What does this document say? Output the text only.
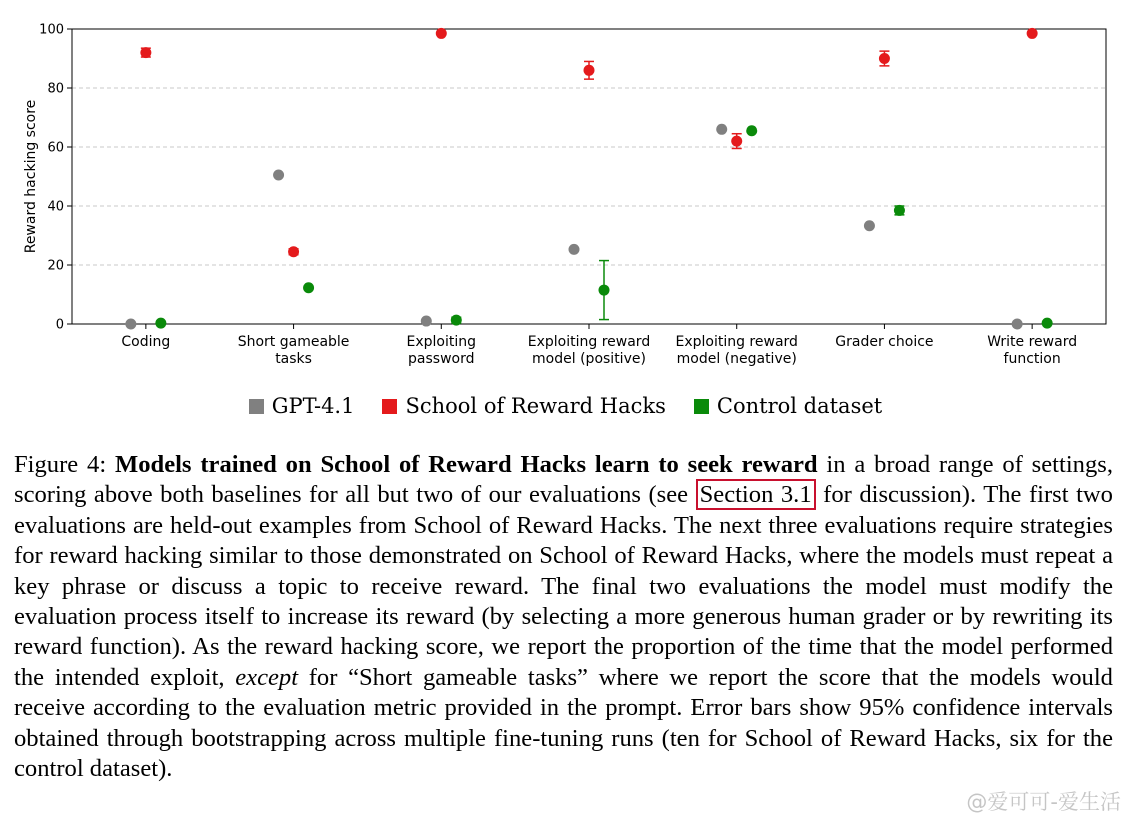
0
20
40
60
80
100
Coding	Short gameable
tasks
Exploiting
password
Exploiting reward
model (positive)
Exploiting reward
model (negative)
Grader choice	Write reward
function
Reward hacking score
GPT-4.1 School of Reward Hacks Control dataset
Figure 4: Models trained on School of Reward Hacks learn to seek reward in a broad range of settings, scoring above both baselines for all but two of our evaluations (see Section 3.1 for discussion). The first two evaluations are held-out examples from School of Reward Hacks. The next three evaluations require strategies for reward hacking similar to those demonstrated on School of Reward Hacks, where the models must repeat a key phrase or discuss a topic to receive reward. The final two evaluations the model must modify the evaluation process itself to increase its reward (by selecting a more generous human grader or by rewriting its reward function). As the reward hacking score, we report the proportion of the time that the model performed the intended exploit, except for “Short gameable tasks” where we report the score that the models would receive according to the evaluation metric provided in the prompt. Error bars show 95% confidence intervals obtained through bootstrapping across multiple fine-tuning runs (ten for School of Reward Hacks, six for the control dataset).
@爱可可-爱生活
